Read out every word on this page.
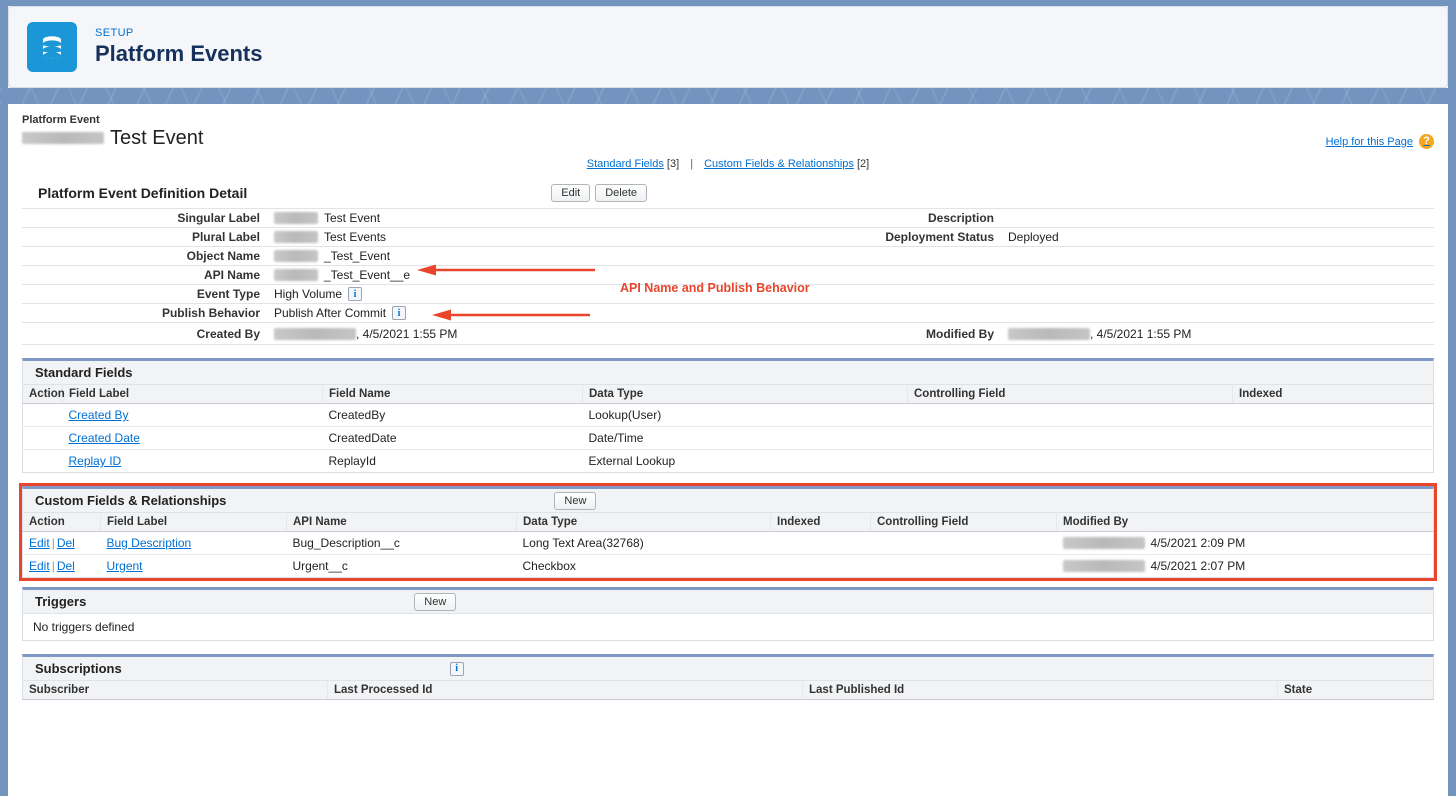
SETUP
Platform Events
Platform Event
Test Event	Help for this Page ?
Standard Fields [3] | Custom Fields & Relationships [2]
Platform Event Definition Detail	Edit	Delete
Singular Label	Test Event	Description
Plural Label	Test Events	Deployment Status	Deployed
Object Name	_Test_Event
API Name	_Test_Event__e
Event Type	High Volume	i
Publish Behavior	Publish After Commit	i
Created By	, 4/5/2021 1:55 PM	Modified By	, 4/5/2021 1:55 PM
API Name and Publish Behavior
Standard Fields
Action	Field Label	Field Name	Data Type	Controlling Field	Indexed
	Created By	CreatedBy	Lookup(User)		
	Created Date	CreatedDate	Date/Time		
	Replay ID	ReplayId	External Lookup		
Custom Fields & Relationships	New
Action	Field Label	API Name	Data Type	Indexed	Controlling Field	Modified By
Edit | Del	Bug Description	Bug_Description__c	Long Text Area(32768)			4/5/2021 2:09 PM

Edit | Del	Urgent	Urgent__c	Checkbox			4/5/2021 2:07 PM
Triggers	New
No triggers defined
Subscriptions	i
Subscriber	Last Processed Id	Last Published Id	State
